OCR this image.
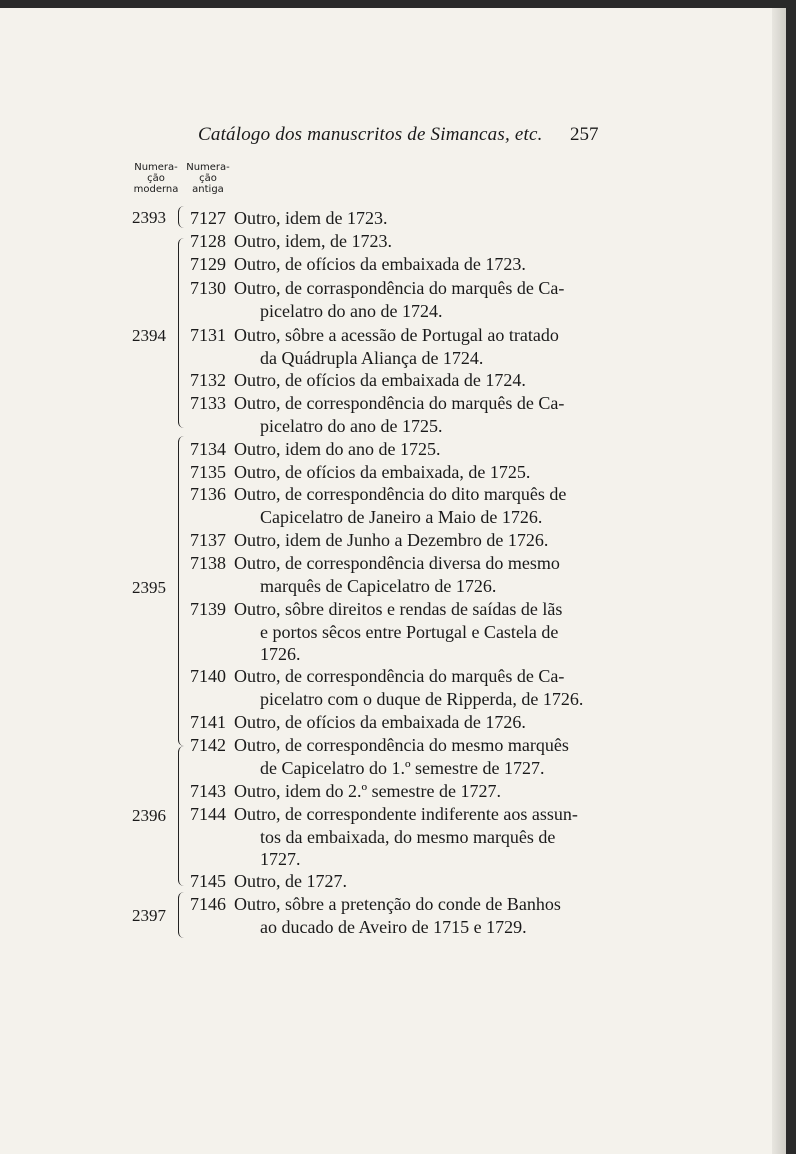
Catálogo dos manuscritos de Simancas, etc. 257
Numera-
ção
moderna
Numera-
ção
antiga
2393
2394
2395
2396
2397
7127 Outro, idem de 1723.
7128 Outro, idem, de 1723.
7129 Outro, de ofícios da embaixada de 1723.
7130 Outro, de corraspondência do marquês de Ca-
picelatro do ano de 1724.
7131 Outro, sôbre a acessão de Portugal ao tratado
da Quádrupla Aliança de 1724.
7132 Outro, de ofícios da embaixada de 1724.
7133 Outro, de correspondência do marquês de Ca-
picelatro do ano de 1725.
7134 Outro, idem do ano de 1725.
7135 Outro, de ofícios da embaixada, de 1725.
7136 Outro, de correspondência do dito marquês de
Capicelatro de Janeiro a Maio de 1726.
7137 Outro, idem de Junho a Dezembro de 1726.
7138 Outro, de correspondência diversa do mesmo
marquês de Capicelatro de 1726.
7139 Outro, sôbre direitos e rendas de saídas de lãs
e portos sêcos entre Portugal e Castela de
1726.
7140 Outro, de correspondência do marquês de Ca-
picelatro com o duque de Ripperda, de 1726.
7141 Outro, de ofícios da embaixada de 1726.
7142 Outro, de correspondência do mesmo marquês
de Capicelatro do 1.º semestre de 1727.
7143 Outro, idem do 2.º semestre de 1727.
7144 Outro, de correspondente indiferente aos assun-
tos da embaixada, do mesmo marquês de
1727.
7145 Outro, de 1727.
7146 Outro, sôbre a pretenção do conde de Banhos
ao ducado de Aveiro de 1715 e 1729.
